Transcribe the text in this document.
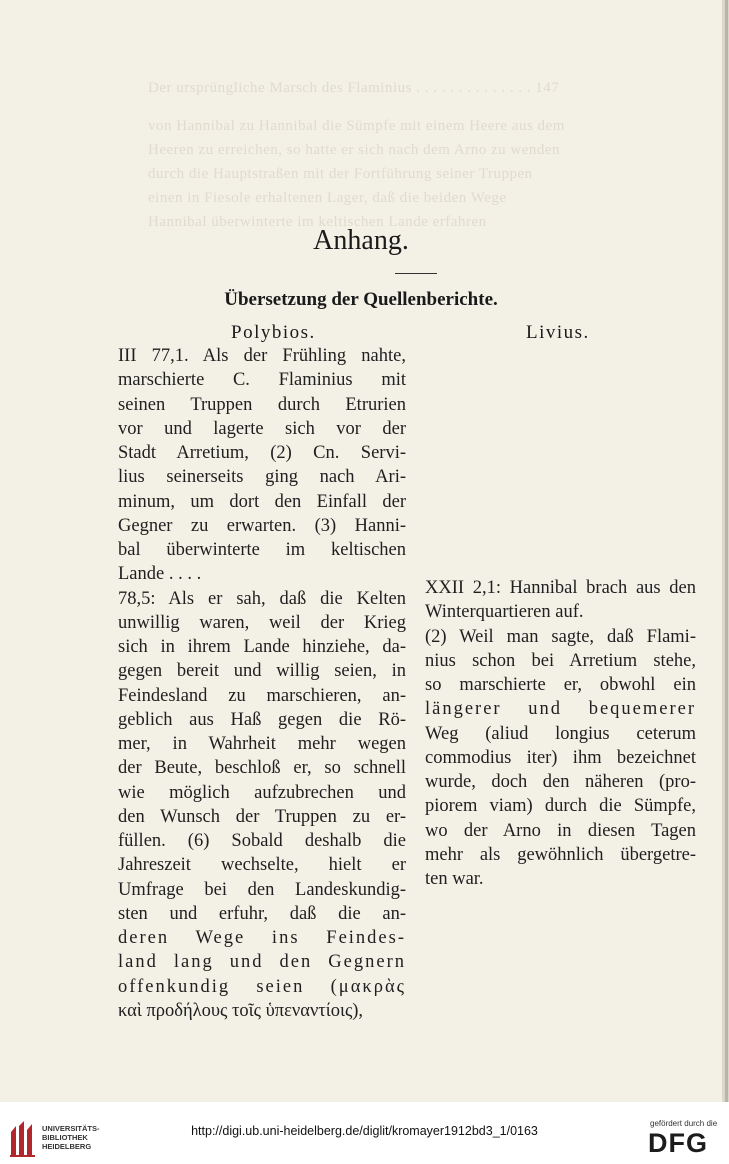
Der ursprüngliche Marsch des Flaminius . . . . . . . . . . . . . . 147
von Hannibal zu Hannibal die Sümpfe mit einem Heere aus dem
Heeren zu erreichen, so hatte er sich nach dem Arno zu wenden
durch die Hauptstraßen mit der Fortführung seiner Truppen
einen in Fiesole erhaltenen Lager, daß die beiden Wege
Hannibal überwinterte im keltischen Lande erfahren
Anhang.
Übersetzung der Quellenberichte.
Polybios.	Livius.
III 77,1. Als der Frühling nahte,
marschierte C. Flaminius mit
seinen Truppen durch Etrurien
vor und lagerte sich vor der
Stadt Arretium, (2) Cn. Servi-
lius seinerseits ging nach Ari-
minum, um dort den Einfall der
Gegner zu erwarten. (3) Hanni-
bal überwinterte im keltischen
Lande . . . .
78,5: Als er sah, daß die Kelten
unwillig waren, weil der Krieg
sich in ihrem Lande hinziehe, da-
gegen bereit und willig seien, in
Feindesland zu marschieren, an-
geblich aus Haß gegen die Rö-
mer, in Wahrheit mehr wegen
der Beute, beschloß er, so schnell
wie möglich aufzubrechen und
den Wunsch der Truppen zu er-
füllen. (6) Sobald deshalb die
Jahreszeit wechselte, hielt er
Umfrage bei den Landeskundig-
sten und erfuhr, daß die an-
deren Wege ins Feindes-
land lang und den Gegnern
offenkundig seien (μακρὰς
καὶ προδήλους τοῖς ὑπεναντίοις),
XXII 2,1: Hannibal brach aus den
Winterquartieren auf.
(2) Weil man sagte, daß Flami-
nius schon bei Arretium stehe,
so marschierte er, obwohl ein
längerer und bequemerer
Weg (aliud longius ceterum
commodius iter) ihm bezeichnet
wurde, doch den näheren (pro-
piorem viam) durch die Sümpfe,
wo der Arno in diesen Tagen
mehr als gewöhnlich übergetre-
ten war.
UNIVERSITÄTS-
BIBLIOTHEK
HEIDELBERG
http://digi.ub.uni-heidelberg.de/diglit/kromayer1912bd3_1/0163
gefördert durch die
DFG
